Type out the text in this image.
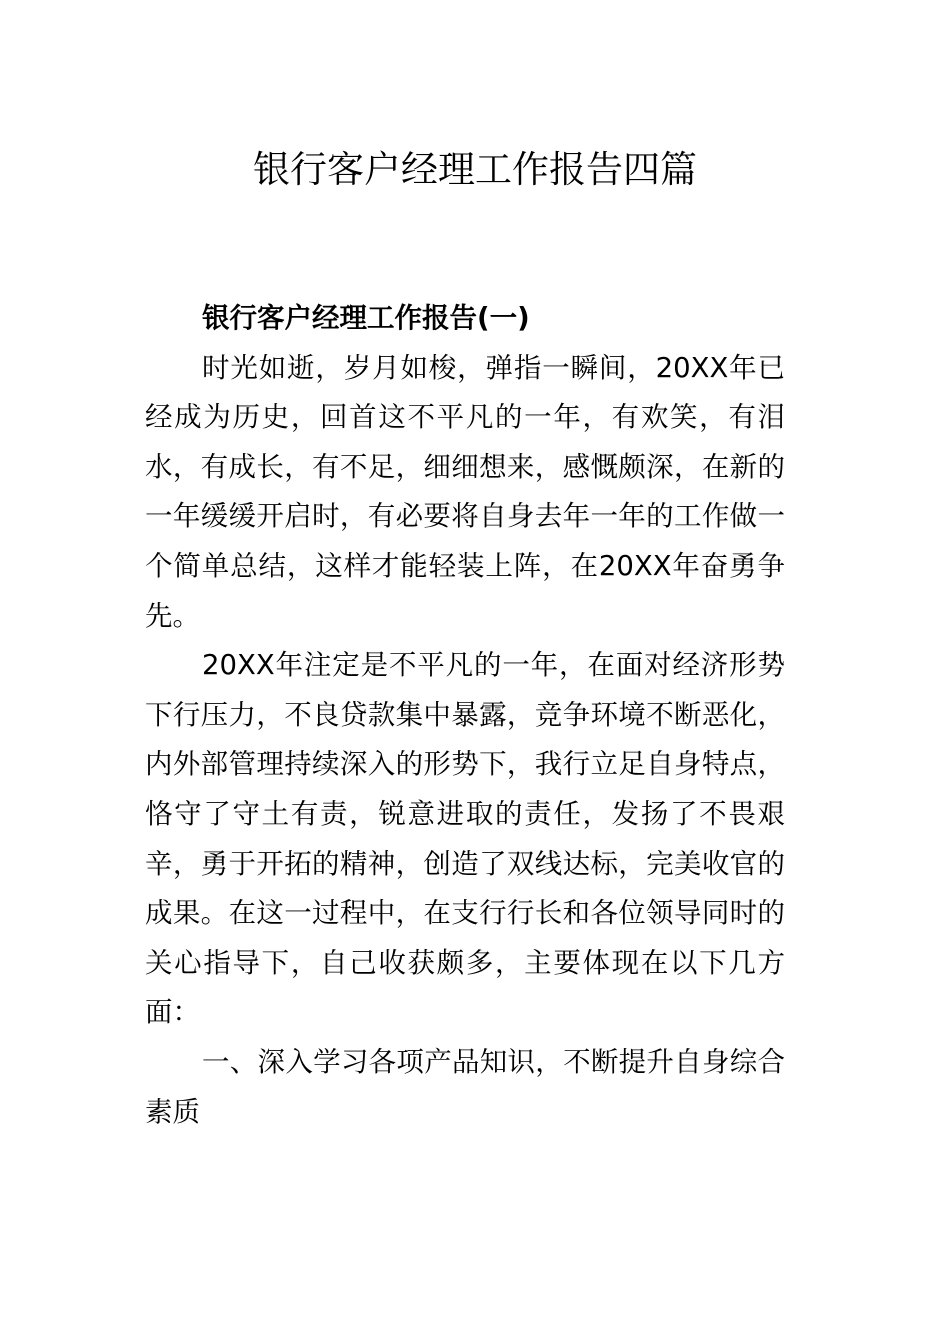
银行客户经理工作报告四篇

银行客户经理工作报告(一)

时光如逝，岁月如梭，弹指一瞬间，20XX年已经成为历史，回首这不平凡的一年，有欢笑，有泪水，有成长，有不足，细细想来，感慨颇深，在新的一年缓缓开启时，有必要将自身去年一年的工作做一个简单总结，这样才能轻装上阵，在20XX年奋勇争先。

20XX年注定是不平凡的一年，在面对经济形势下行压力，不良贷款集中暴露，竞争环境不断恶化，内外部管理持续深入的形势下，我行立足自身特点，恪守了守土有责，锐意进取的责任，发扬了不畏艰辛，勇于开拓的精神，创造了双线达标，完美收官的成果。在这一过程中，在支行行长和各位领导同时的关心指导下，自己收获颇多，主要体现在以下几方面：

一、深入学习各项产品知识，不断提升自身综合素质
